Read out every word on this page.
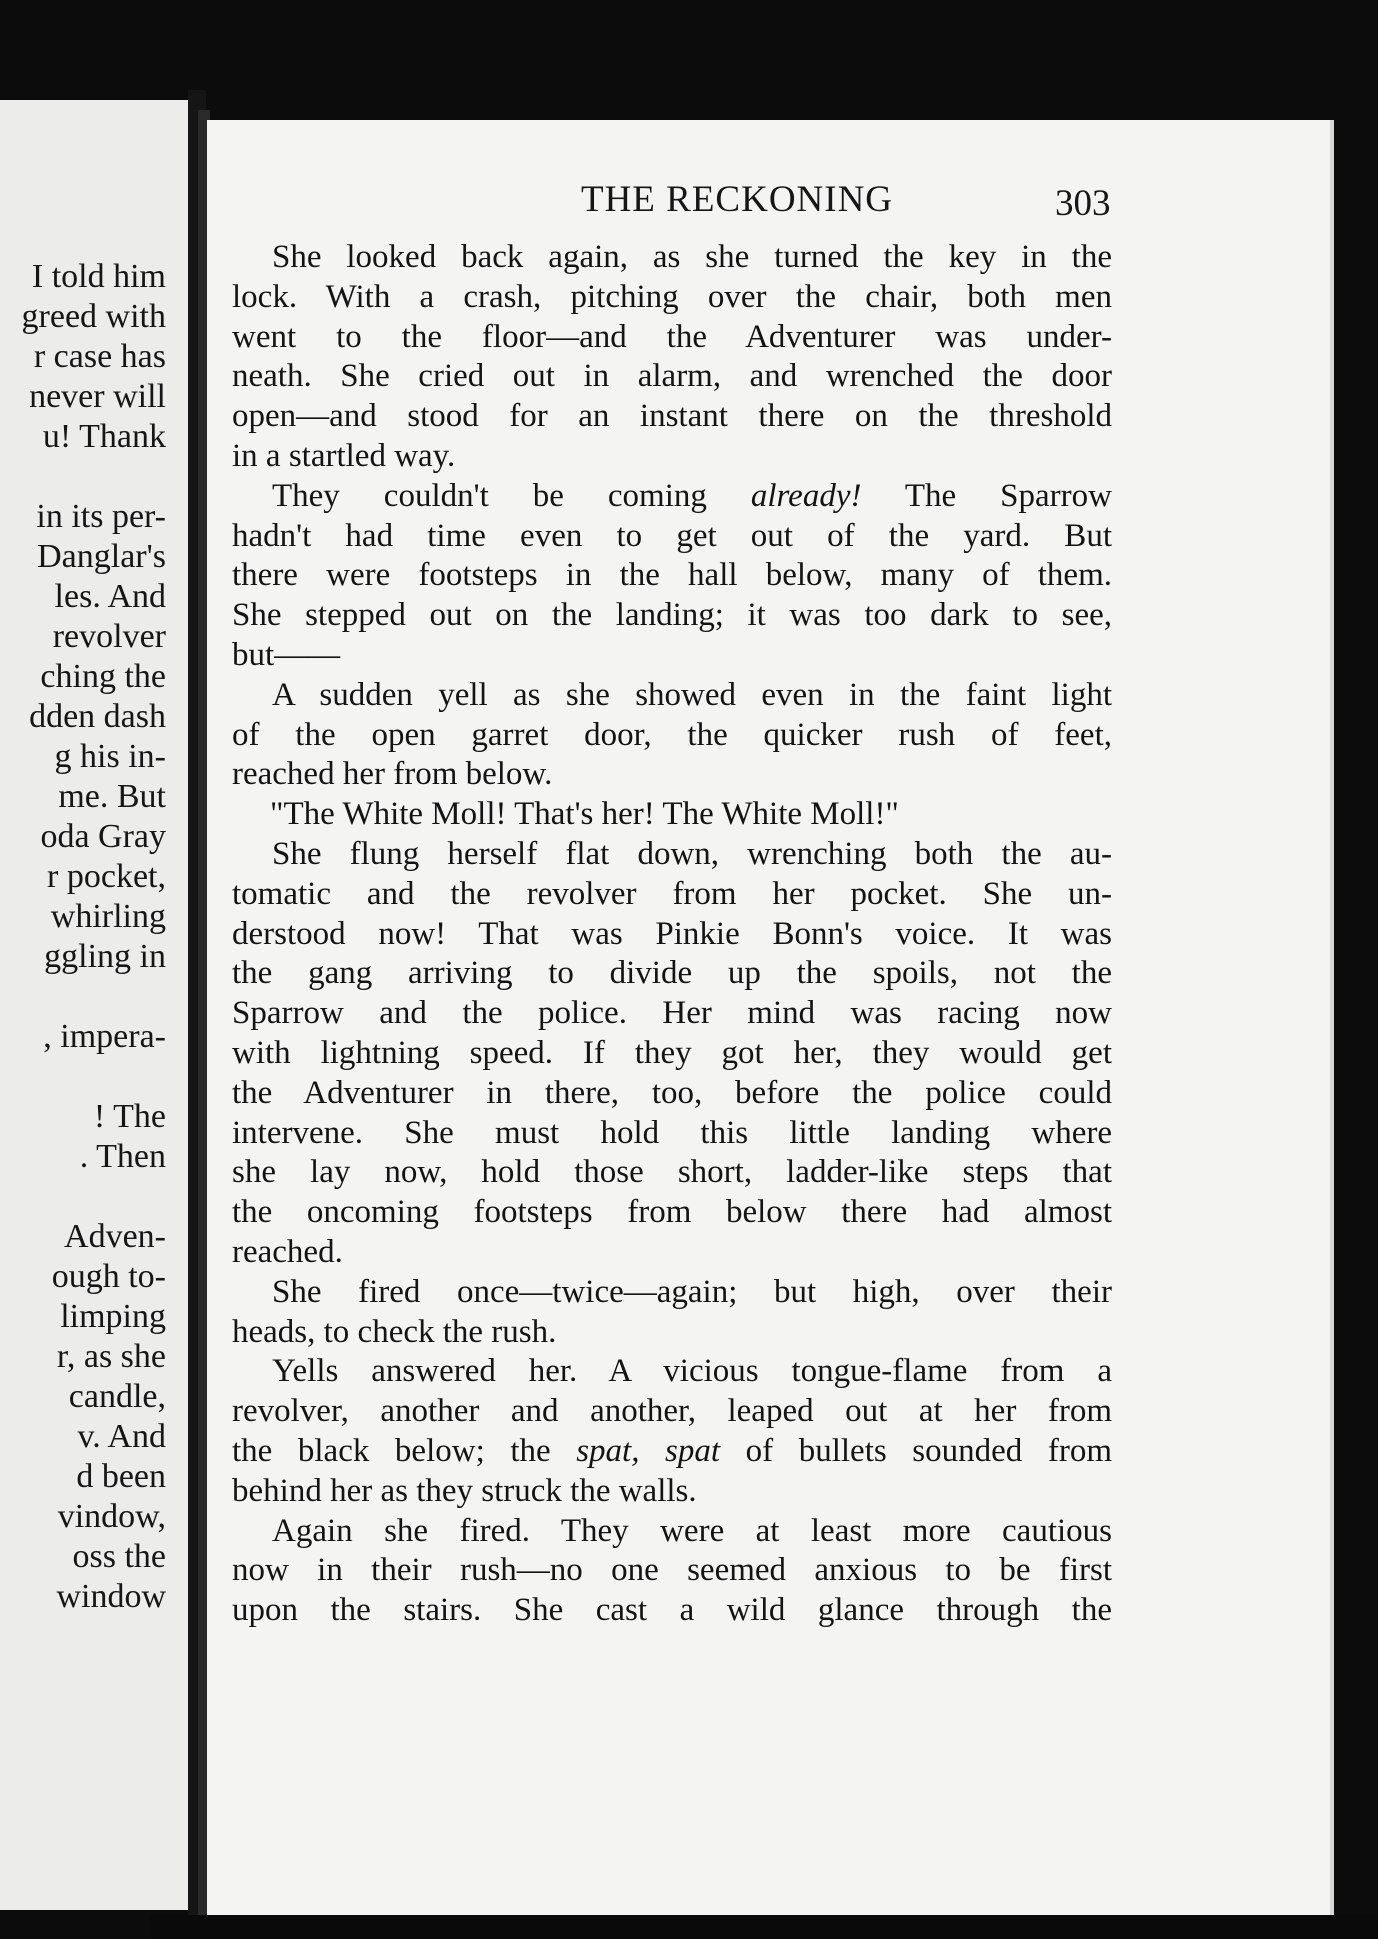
I told him
greed with
r case has
never will
u! Thank
in its per-
Danglar's
les. And
revolver
ching the
dden dash
g his in-
me. But
oda Gray
r pocket,
whirling
ggling in
, impera-
! The
. Then
Adven-
ough to-
limping
r, as she
candle,
v. And
d been
vindow,
oss the
window
THE RECKONING	303
She looked back again, as she turned the key in the
lock. With a crash, pitching over the chair, both men
went to the floor—and the Adventurer was under-
neath. She cried out in alarm, and wrenched the door
open—and stood for an instant there on the threshold
in a startled way.
They couldn't be coming already! The Sparrow
hadn't had time even to get out of the yard. But
there were footsteps in the hall below, many of them.
She stepped out on the landing; it was too dark to see,
but——
A sudden yell as she showed even in the faint light
of the open garret door, the quicker rush of feet,
reached her from below.
"The White Moll! That's her! The White Moll!"
She flung herself flat down, wrenching both the au-
tomatic and the revolver from her pocket. She un-
derstood now! That was Pinkie Bonn's voice. It was
the gang arriving to divide up the spoils, not the
Sparrow and the police. Her mind was racing now
with lightning speed. If they got her, they would get
the Adventurer in there, too, before the police could
intervene. She must hold this little landing where
she lay now, hold those short, ladder-like steps that
the oncoming footsteps from below there had almost
reached.
She fired once—twice—again; but high, over their
heads, to check the rush.
Yells answered her. A vicious tongue-flame from a
revolver, another and another, leaped out at her from
the black below; the spat, spat of bullets sounded from
behind her as they struck the walls.
Again she fired. They were at least more cautious
now in their rush—no one seemed anxious to be first
upon the stairs. She cast a wild glance through the
